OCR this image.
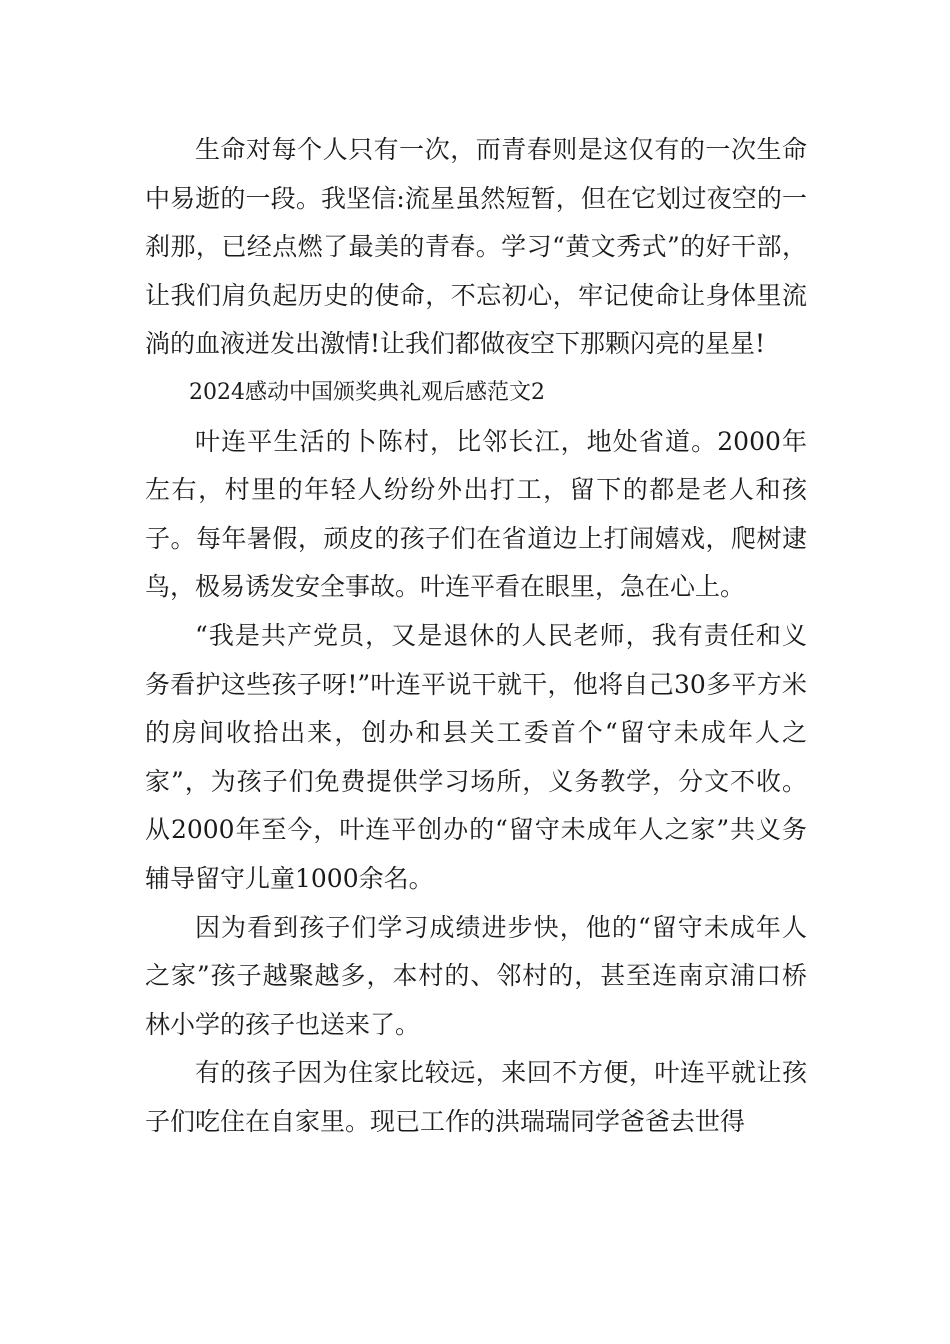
生命对每个人只有一次，而青春则是这仅有的一次生命中易逝的一段。我坚信:流星虽然短暂，但在它划过夜空的一刹那，已经点燃了最美的青春。学习“黄文秀式”的好干部，让我们肩负起历史的使命，不忘初心，牢记使命让身体里流淌的血液迸发出激情!让我们都做夜空下那颗闪亮的星星!

2024感动中国颁奖典礼观后感范文2

叶连平生活的卜陈村，比邻长江，地处省道。2000年左右，村里的年轻人纷纷外出打工，留下的都是老人和孩子。每年暑假，顽皮的孩子们在省道边上打闹嬉戏，爬树逮鸟，极易诱发安全事故。叶连平看在眼里，急在心上。

“我是共产党员，又是退休的人民老师，我有责任和义务看护这些孩子呀!”叶连平说干就干，他将自己30多平方米的房间收拾出来，创办和县关工委首个“留守未成年人之家”，为孩子们免费提供学习场所，义务教学，分文不收。从2000年至今，叶连平创办的“留守未成年人之家”共义务辅导留守儿童1000余名。

因为看到孩子们学习成绩进步快，他的“留守未成年人之家”孩子越聚越多，本村的、邻村的，甚至连南京浦口桥林小学的孩子也送来了。

有的孩子因为住家比较远，来回不方便，叶连平就让孩子们吃住在自家里。现已工作的洪瑞瑞同学爸爸去世得
